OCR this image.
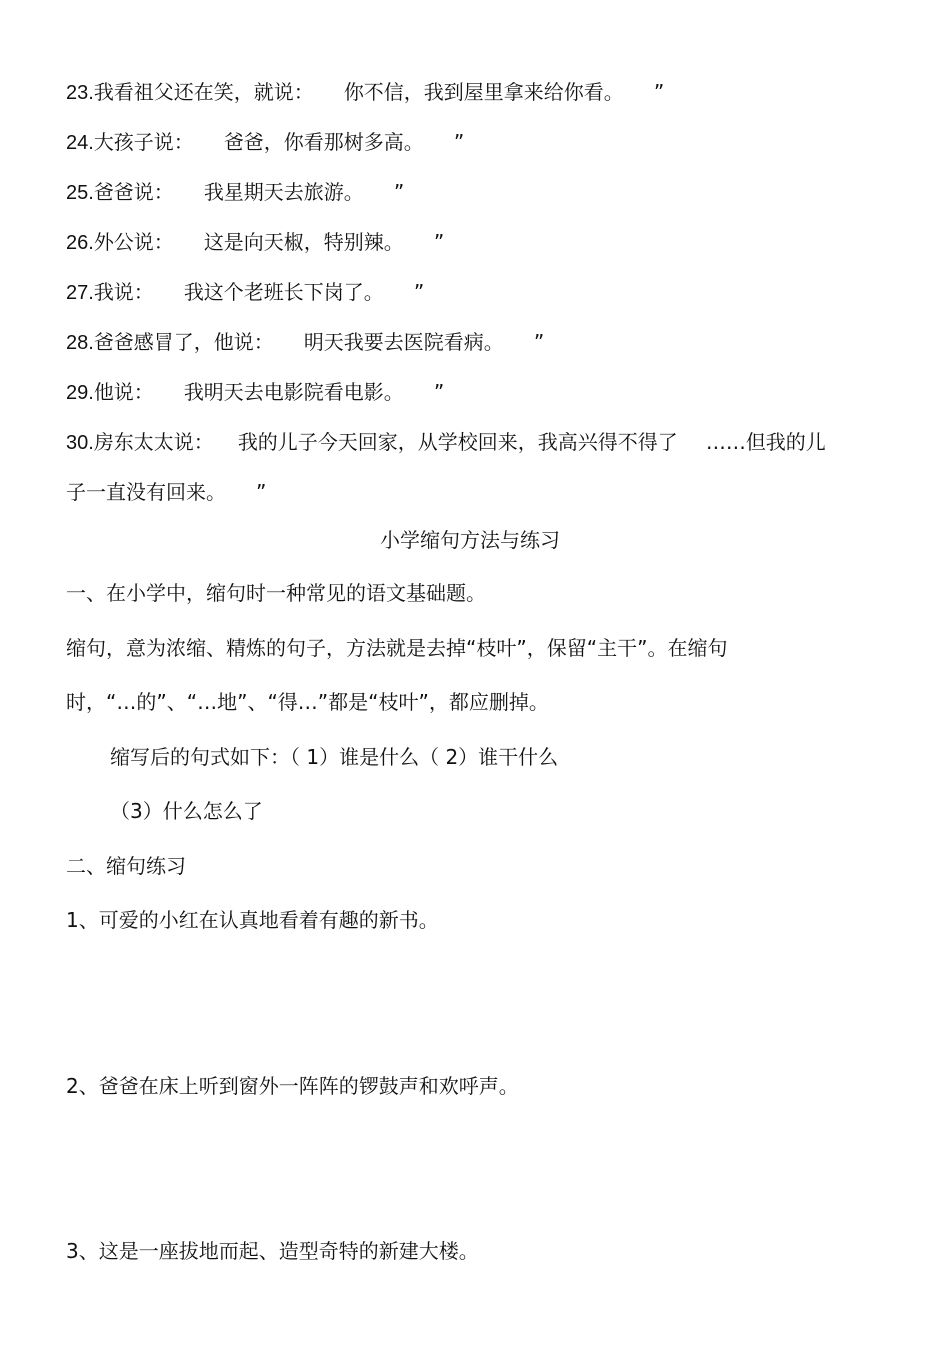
23.我看祖父还在笑，就说： 你不信，我到屋里拿来给你看。 ”
24.大孩子说： 爸爸，你看那树多高。 ”
25.爸爸说： 我星期天去旅游。 ”
26.外公说： 这是向天椒，特别辣。 ”
27.我说： 我这个老班长下岗了。 ”
28.爸爸感冒了，他说： 明天我要去医院看病。 ”
29.他说： 我明天去电影院看电影。 ”
30.房东太太说： 我的儿子今天回家，从学校回来，我高兴得不得了 ……但我的儿
子一直没有回来。 ”
小学缩句方法与练习
一、在小学中，缩句时一种常见的语文基础题。
缩句，意为浓缩、精炼的句子，方法就是去掉“枝叶”，保留“主干”。在缩句
时，“…的”、“…地”、“得…”都是“枝叶”，都应删掉。
缩写后的句式如下：（ 1）谁是什么（ 2）谁干什么
（3）什么怎么了
二、缩句练习
1、可爱的小红在认真地看着有趣的新书。
2、爸爸在床上听到窗外一阵阵的锣鼓声和欢呼声。
3、这是一座拔地而起、造型奇特的新建大楼。
